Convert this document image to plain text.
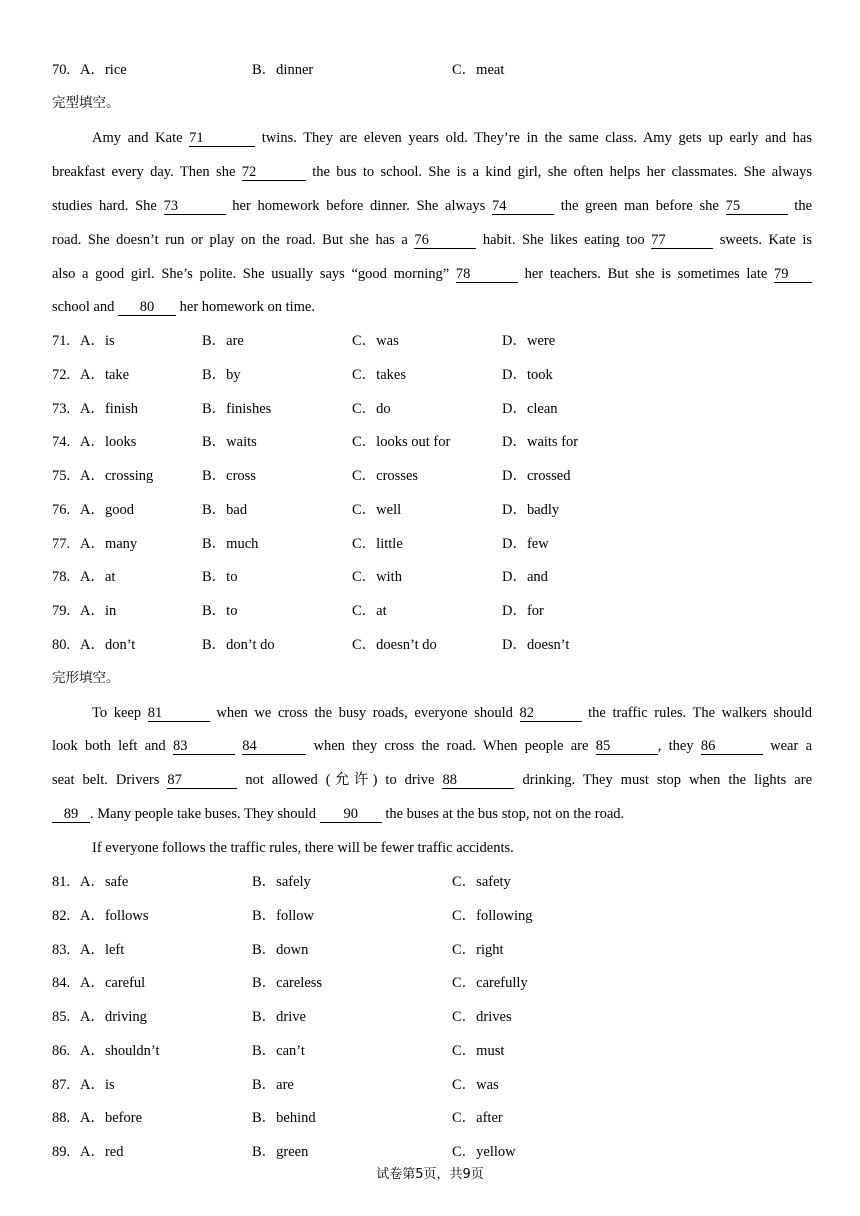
70. A．rice	B．dinner	C．meat
完型填空。
Amy and Kate 71	twins. They are eleven years old. They’re in the same class. Amy gets up early and has
breakfast every day. Then she 72	the bus to school. She is a kind girl, she often helps her classmates. She always
studies hard. She 73	her homework before dinner. She always 74	the green man before she 75	the
road. She doesn’t run or play on the road. But she has a 76	habit. She likes eating too 77	sweets. Kate is
also a good girl. She’s polite. She usually says “good morning” 78	her teachers. But she is sometimes late 79
school and 80 her homework on time.
71. A．is	B．are	C．was	D．were
72. A．take	B．by	C．takes	D．took
73. A．finish	B．finishes	C．do	D．clean
74. A．looks	B．waits	C．looks out for	D．waits for
75. A．crossing	B．cross	C．crosses	D．crossed
76. A．good	B．bad	C．well	D．badly
77. A．many	B．much	C．little	D．few
78. A．at	B．to	C．with	D．and
79. A．in	B．to	C．at	D．for
80. A．don’t	B．don’t do	C．doesn’t do	D．doesn’t
完形填空。
To keep 81	when we cross the busy roads, everyone should 82	the traffic rules. The walkers should
look both left and 83	84	when they cross the road. When people are 85	, they 86	wear a
seat belt. Drivers 87	not allowed (允许) to drive 88	drinking. They must stop when the lights are
89 . Many people take buses. They should 90 the buses at the bus stop, not on the road.
If everyone follows the traffic rules, there will be fewer traffic accidents.
81. A．safe	B．safely	C．safety
82. A．follows	B．follow	C．following
83. A．left	B．down	C．right
84. A．careful	B．careless	C．carefully
85. A．driving	B．drive	C．drives
86. A．shouldn’t	B．can’t	C．must
87. A．is	B．are	C．was
88. A．before	B．behind	C．after
89. A．red	B．green	C．yellow
试卷第5页，共9页
